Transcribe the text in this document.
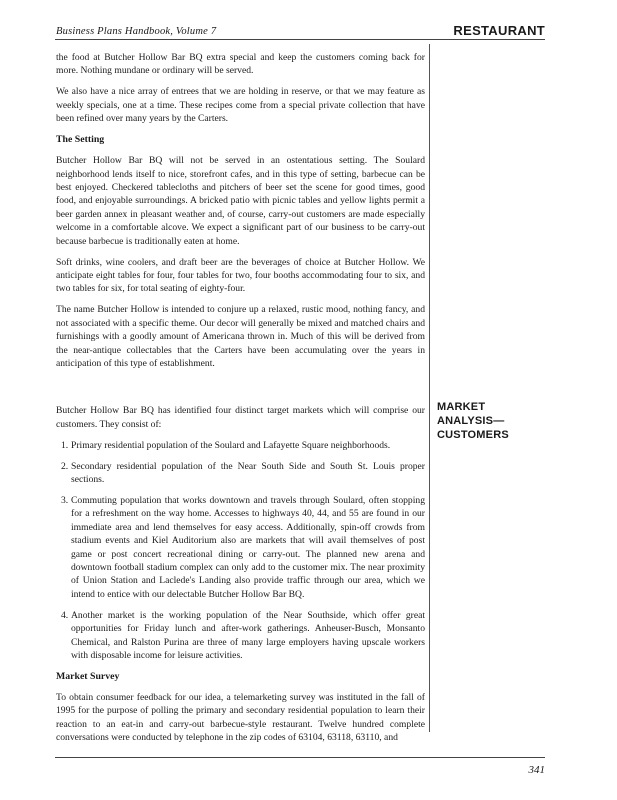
Business Plans Handbook, Volume 7	RESTAURANT

the food at Butcher Hollow Bar BQ extra special and keep the customers coming back for more. Nothing mundane or ordinary will be served.

We also have a nice array of entrees that we are holding in reserve, or that we may feature as weekly specials, one at a time. These recipes come from a special private collection that have been refined over many years by the Carters.

The Setting

Butcher Hollow Bar BQ will not be served in an ostentatious setting. The Soulard neighborhood lends itself to nice, storefront cafes, and in this type of setting, barbecue can be best enjoyed. Checkered tablecloths and pitchers of beer set the scene for good times, good food, and enjoyable surroundings. A bricked patio with picnic tables and yellow lights permit a beer garden annex in pleasant weather and, of course, carry-out customers are made especially welcome in a comfortable alcove. We expect a significant part of our business to be carry-out because barbecue is traditionally eaten at home.

Soft drinks, wine coolers, and draft beer are the beverages of choice at Butcher Hollow. We anticipate eight tables for four, four tables for two, four booths accommodating four to six, and two tables for six, for total seating of eighty-four.

The name Butcher Hollow is intended to conjure up a relaxed, rustic mood, nothing fancy, and not associated with a specific theme. Our decor will generally be mixed and matched chairs and furnishings with a goodly amount of Americana thrown in. Much of this will be derived from the near-antique collectables that the Carters have been accumulating over the years in anticipation of this type of establishment.

Butcher Hollow Bar BQ has identified four distinct target markets which will comprise our customers. They consist of:

1. Primary residential population of the Soulard and Lafayette Square neighborhoods.
2. Secondary residential population of the Near South Side and South St. Louis proper sections.
3. Commuting population that works downtown and travels through Soulard, often stopping for a refreshment on the way home. Accesses to highways 40, 44, and 55 are found in our immediate area and lend themselves for easy access. Additionally, spin-off crowds from stadium events and Kiel Auditorium also are markets that will avail themselves of post game or post concert recreational dining or carry-out. The planned new arena and downtown football stadium complex can only add to the customer mix. The near proximity of Union Station and Laclede's Landing also provide traffic through our area, which we intend to entice with our delectable Butcher Hollow Bar BQ.
4. Another market is the working population of the Near Southside, which offer great opportunities for Friday lunch and after-work gatherings. Anheuser-Busch, Monsanto Chemical, and Ralston Purina are three of many large employers having upscale workers with disposable income for leisure activities.
Market Survey

To obtain consumer feedback for our idea, a telemarketing survey was instituted in the fall of 1995 for the purpose of polling the primary and secondary residential population to learn their reaction to an eat-in and carry-out barbecue-style restaurant. Twelve hundred complete conversations were conducted by telephone in the zip codes of 63104, 63118, 63110, and

MARKET
ANALYSIS—
CUSTOMERS
341
